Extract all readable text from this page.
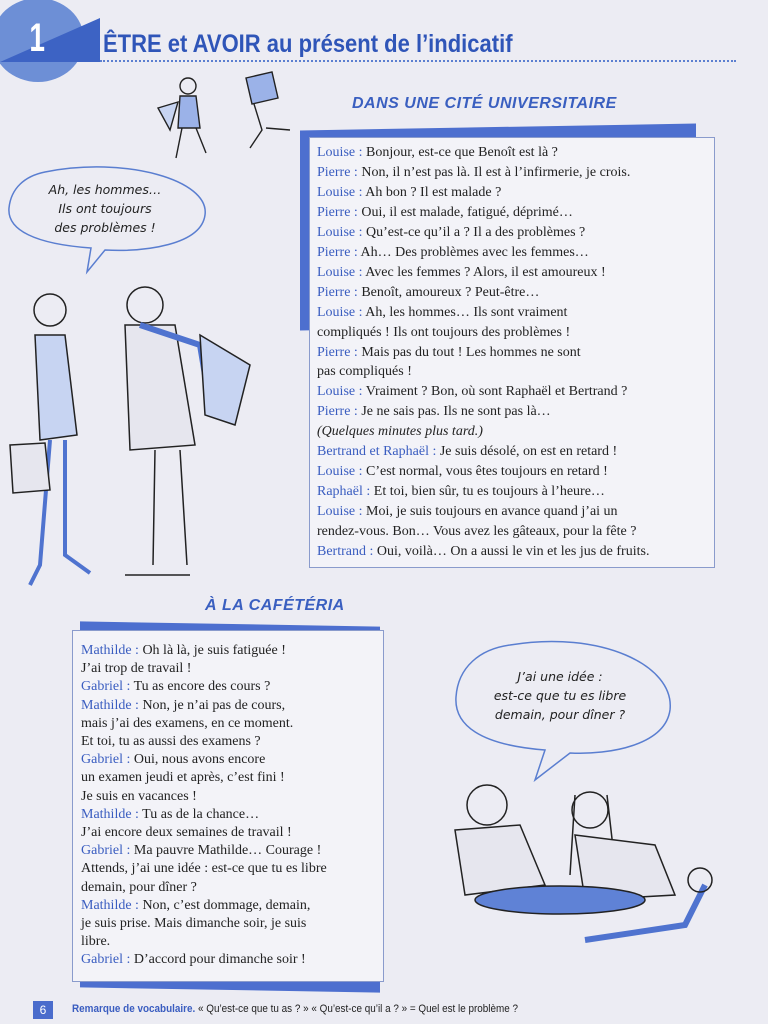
1 ÊTRE et AVOIR au présent de l’indicatif
DANS UNE CITÉ UNIVERSITAIRE
Ah, les hommes…
Ils ont toujours
des problèmes !
Louise : Bonjour, est-ce que Benoît est là ?
Pierre : Non, il n’est pas là. Il est à l’infirmerie, je crois.
Louise : Ah bon ? Il est malade ?
Pierre : Oui, il est malade, fatigué, déprimé…
Louise : Qu’est-ce qu’il a ? Il a des problèmes ?
Pierre : Ah… Des problèmes avec les femmes…
Louise : Avec les femmes ? Alors, il est amoureux !
Pierre : Benoît, amoureux ? Peut-être…
Louise : Ah, les hommes… Ils sont vraiment
compliqués ! Ils ont toujours des problèmes !
Pierre : Mais pas du tout ! Les hommes ne sont
pas compliqués !
Louise : Vraiment ? Bon, où sont Raphaël et Bertrand ?
Pierre : Je ne sais pas. Ils ne sont pas là…
(Quelques minutes plus tard.)
Bertrand et Raphaël : Je suis désolé, on est en retard !
Louise : C’est normal, vous êtes toujours en retard !
Raphaël : Et toi, bien sûr, tu es toujours à l’heure…
Louise : Moi, je suis toujours en avance quand j’ai un
rendez-vous. Bon… Vous avez les gâteaux, pour la fête ?
Bertrand : Oui, voilà… On a aussi le vin et les jus de fruits.
À LA CAFÉTÉRIA
Mathilde : Oh là là, je suis fatiguée !
J’ai trop de travail !
Gabriel : Tu as encore des cours ?
Mathilde : Non, je n’ai pas de cours,
mais j’ai des examens, en ce moment.
Et toi, tu as aussi des examens ?
Gabriel : Oui, nous avons encore
un examen jeudi et après, c’est fini !
Je suis en vacances !
Mathilde : Tu as de la chance…
J’ai encore deux semaines de travail !
Gabriel : Ma pauvre Mathilde… Courage !
Attends, j’ai une idée : est-ce que tu es libre
demain, pour dîner ?
Mathilde : Non, c’est dommage, demain,
je suis prise. Mais dimanche soir, je suis
libre.
Gabriel : D’accord pour dimanche soir !
J’ai une idée :
est-ce que tu es libre
demain, pour dîner ?
6	Remarque de vocabulaire. « Qu’est-ce que tu as ? » « Qu’est-ce qu’il a ? » = Quel est le problème ?
